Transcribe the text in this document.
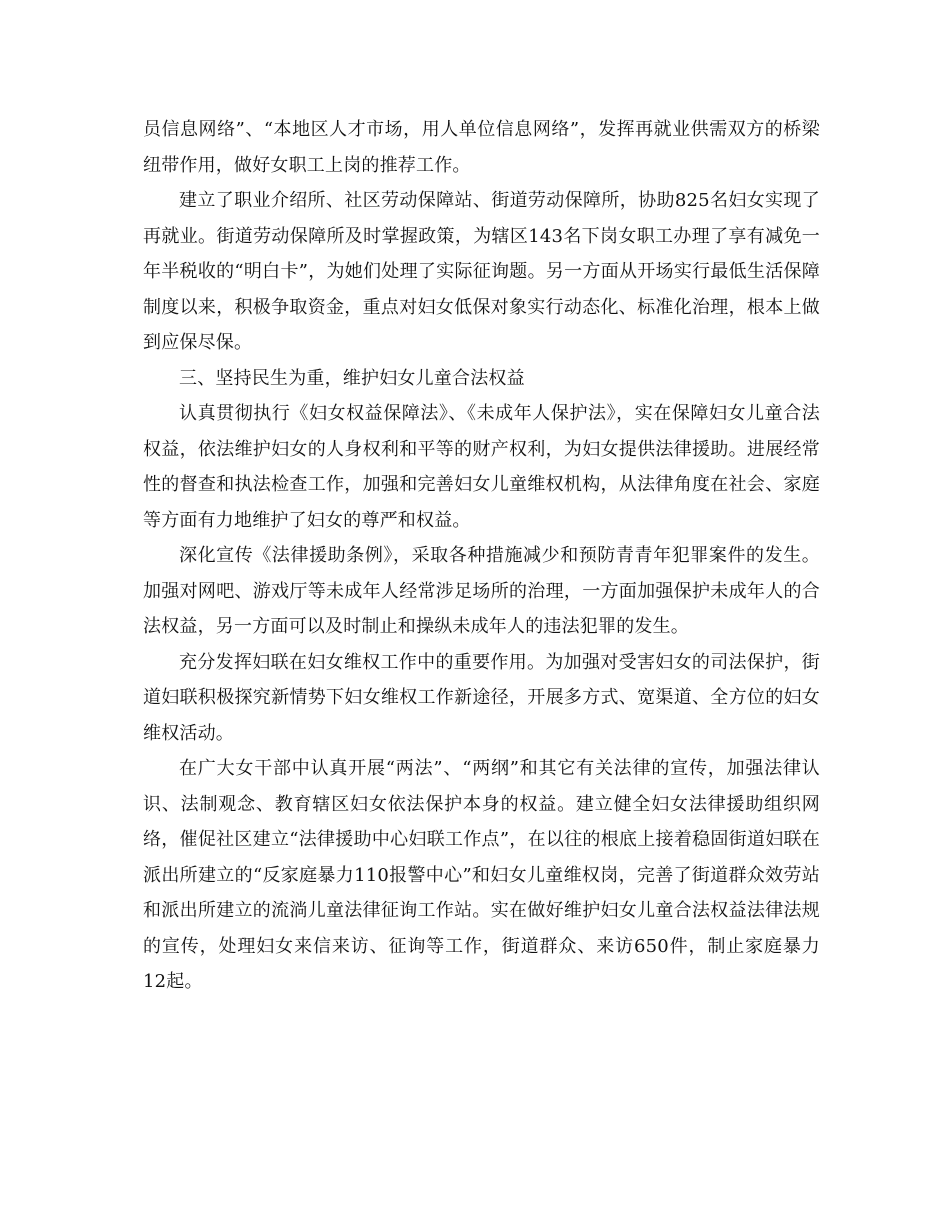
员信息网络”、“本地区人才市场，用人单位信息网络”，发挥再就业供需双方的桥梁纽带作用，做好女职工上岗的推荐工作。

建立了职业介绍所、社区劳动保障站、街道劳动保障所，协助825名妇女实现了再就业。街道劳动保障所及时掌握政策，为辖区143名下岗女职工办理了享有减免一年半税收的“明白卡”，为她们处理了实际征询题。另一方面从开场实行最低生活保障制度以来，积极争取资金，重点对妇女低保对象实行动态化、标准化治理，根本上做到应保尽保。

三、坚持民生为重，维护妇女儿童合法权益

认真贯彻执行《妇女权益保障法》、《未成年人保护法》，实在保障妇女儿童合法权益，依法维护妇女的人身权利和平等的财产权利，为妇女提供法律援助。进展经常性的督查和执法检查工作，加强和完善妇女儿童维权机构，从法律角度在社会、家庭等方面有力地维护了妇女的尊严和权益。

深化宣传《法律援助条例》，采取各种措施减少和预防青青年犯罪案件的发生。加强对网吧、游戏厅等未成年人经常涉足场所的治理，一方面加强保护未成年人的合法权益，另一方面可以及时制止和操纵未成年人的违法犯罪的发生。

充分发挥妇联在妇女维权工作中的重要作用。为加强对受害妇女的司法保护，街道妇联积极探究新情势下妇女维权工作新途径，开展多方式、宽渠道、全方位的妇女维权活动。

在广大女干部中认真开展“两法”、“两纲”和其它有关法律的宣传，加强法律认识、法制观念、教育辖区妇女依法保护本身的权益。建立健全妇女法律援助组织网络，催促社区建立“法律援助中心妇联工作点”，在以往的根底上接着稳固街道妇联在派出所建立的“反家庭暴力110报警中心”和妇女儿童维权岗，完善了街道群众效劳站和派出所建立的流淌儿童法律征询工作站。实在做好维护妇女儿童合法权益法律法规的宣传，处理妇女来信来访、征询等工作，街道群众、来访650件，制止家庭暴力12起。
